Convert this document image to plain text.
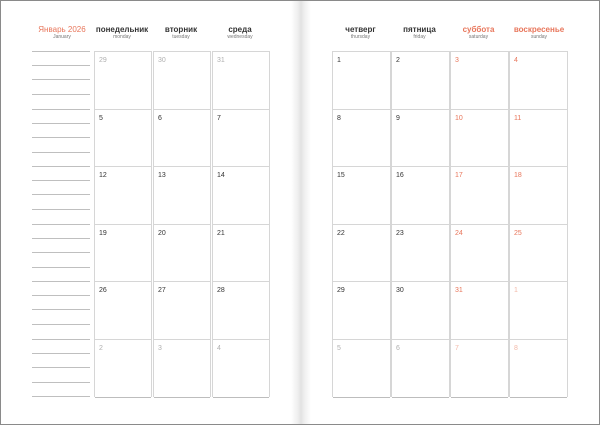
Январь 2026
January
понедельник
monday
вторник
tuesday
среда
wednesday
29
5
12
19
26
2
30
6
13
20
27
3
31
7
14
21
28
4
четверг
thursday
пятница
friday
суббота
saturday
воскресенье
sunday
1
8
15
22
29
5
2
9
16
23
30
6
3
10
17
24
31
7
4
11
18
25
1
8
